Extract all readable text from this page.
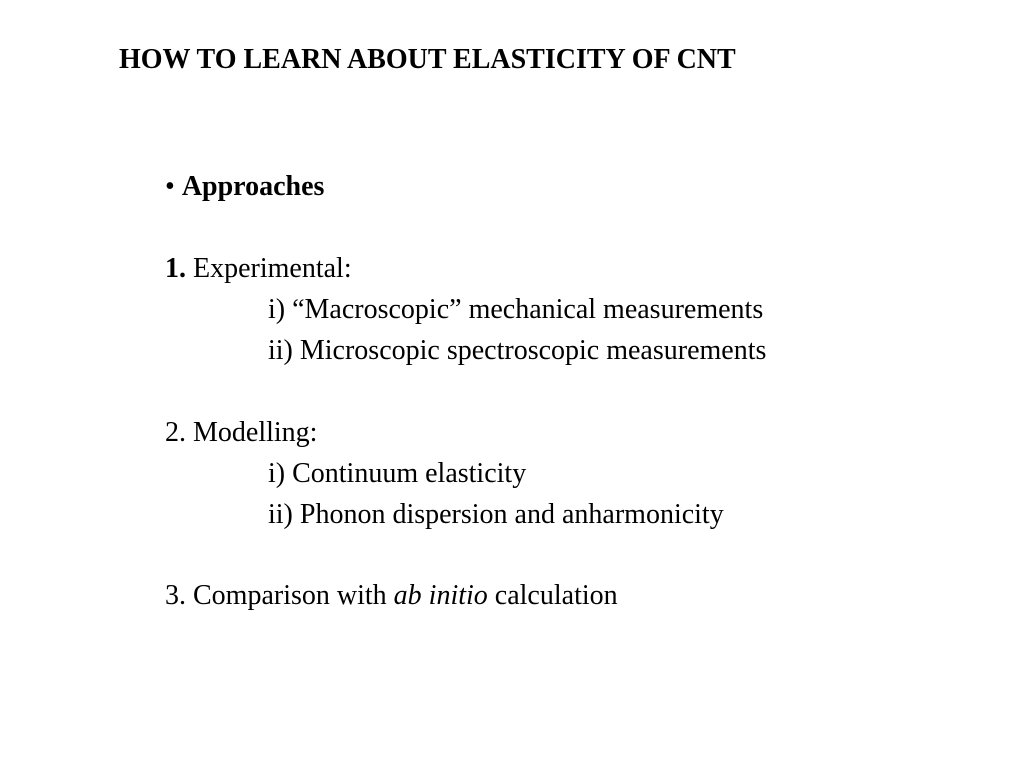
HOW TO LEARN ABOUT ELASTICITY OF CNT
• Approaches
1. Experimental:
i) “Macroscopic” mechanical measurements
ii) Microscopic spectroscopic measurements
2. Modelling:
i) Continuum elasticity
ii) Phonon dispersion and anharmonicity
3. Comparison with ab initio calculation
